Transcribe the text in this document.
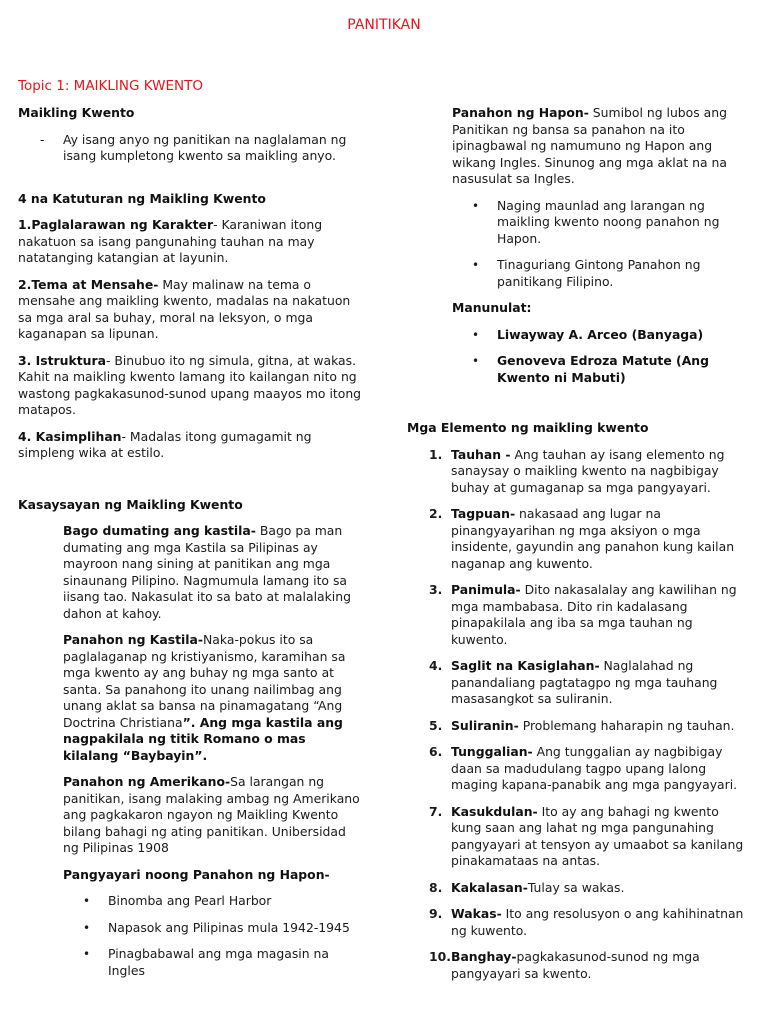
PANITIKAN
Topic 1: MAIKLING KWENTO

Maikling Kwento

- Ay isang anyo ng panitikan na naglalaman ng isang kumpletong kwento sa maikling anyo.

4 na Katuturan ng Maikling Kwento

1.Paglalarawan ng Karakter- Karaniwan itong nakatuon sa isang pangunahing tauhan na may natatanging katangian at layunin.

2.Tema at Mensahe- May malinaw na tema o mensahe ang maikling kwento, madalas na nakatuon sa mga aral sa buhay, moral na leksyon, o mga kaganapan sa lipunan.

3. Istruktura- Binubuo ito ng simula, gitna, at wakas. Kahit na maikling kwento lamang ito kailangan nito ng wastong pagkakasunod-sunod upang maayos mo itong matapos.

4. Kasimplihan- Madalas itong gumagamit ng simpleng wika at estilo.

Kasaysayan ng Maikling Kwento

Bago dumating ang kastila- Bago pa man dumating ang mga Kastila sa Pilipinas ay mayroon nang sining at panitikan ang mga sinaunang Pilipino. Nagmumula lamang ito sa iisang tao. Nakasulat ito sa bato at malalaking dahon at kahoy.

Panahon ng Kastila-Naka-pokus ito sa paglalaganap ng kristiyanismo, karamihan sa mga kwento ay ang buhay ng mga santo at santa. Sa panahong ito unang nailimbag ang unang aklat sa bansa na pinamagatang “Ang Doctrina Christiana”. Ang mga kastila ang nagpakilala ng titik Romano o mas kilalang “Baybayin”.

Panahon ng Amerikano-Sa larangan ng panitikan, isang malaking ambag ng Amerikano ang pagkakaron ngayon ng Maikling Kwento bilang bahagi ng ating panitikan. Unibersidad ng Pilipinas 1908

Pangyayari noong Panahon ng Hapon-

• Binomba ang Pearl Harbor
• Napasok ang Pilipinas mula 1942-1945
• Pinagbabawal ang mga magasin na Ingles

Panahon ng Hapon- Sumibol ng lubos ang Panitikan ng bansa sa panahon na ito ipinagbawal ng namumuno ng Hapon ang wikang Ingles. Sinunog ang mga aklat na na nasusulat sa Ingles.

• Naging maunlad ang larangan ng maikling kwento noong panahon ng Hapon.
• Tinaguriang Gintong Panahon ng panitikang Filipino.

Manunulat:

• Liwayway A. Arceo (Banyaga)
• Genoveva Edroza Matute (Ang Kwento ni Mabuti)

Mga Elemento ng maikling kwento

1. Tauhan - Ang tauhan ay isang elemento ng sanaysay o maikling kwento na nagbibigay buhay at gumaganap sa mga pangyayari.
2. Tagpuan- nakasaad ang lugar na pinangyayarihan ng mga aksiyon o mga insidente, gayundin ang panahon kung kailan naganap ang kuwento.
3. Panimula- Dito nakasalalay ang kawilihan ng mga mambabasa. Dito rin kadalasang pinapakilala ang iba sa mga tauhan ng kuwento.
4. Saglit na Kasiglahan- Naglalahad ng panandaliang pagtatagpo ng mga tauhang masasangkot sa suliranin.
5. Suliranin- Problemang haharapin ng tauhan.
6. Tunggalian- Ang tunggalian ay nagbibigay daan sa madudulang tagpo upang lalong maging kapana-panabik ang mga pangyayari.
7. Kasukdulan- Ito ay ang bahagi ng kwento kung saan ang lahat ng mga pangunahing pangyayari at tensyon ay umaabot sa kanilang pinakamataas na antas.
8. Kakalasan-Tulay sa wakas.
9. Wakas- Ito ang resolusyon o ang kahihinatnan ng kuwento.
10. Banghay-pagkakasunod-sunod ng mga pangyayari sa kwento.
